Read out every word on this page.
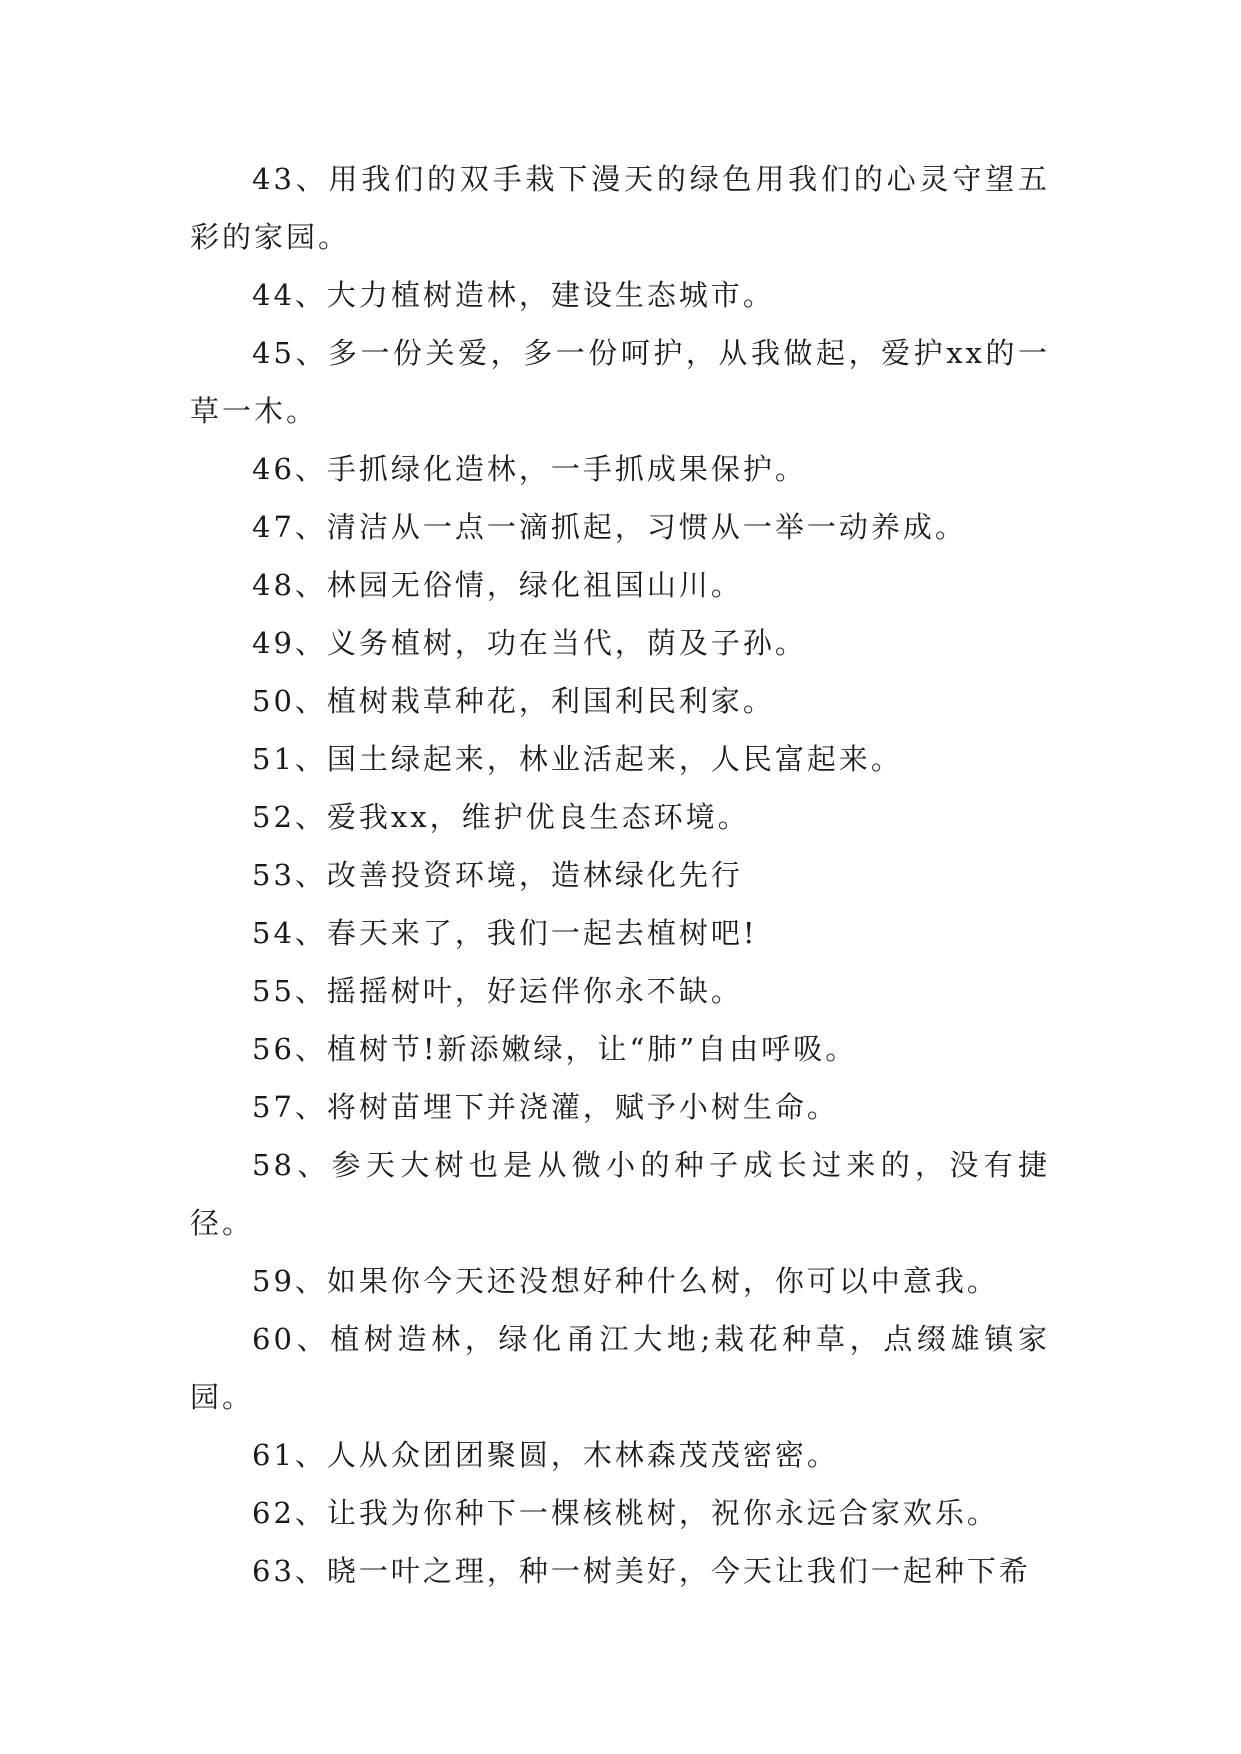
43、用我们的双手栽下漫天的绿色用我们的心灵守望五彩的家园。

44、大力植树造林，建设生态城市。

45、多一份关爱，多一份呵护，从我做起，爱护xx的一草一木。

46、手抓绿化造林，一手抓成果保护。

47、清洁从一点一滴抓起，习惯从一举一动养成。

48、林园无俗情，绿化祖国山川。

49、义务植树，功在当代，荫及子孙。

50、植树栽草种花，利国利民利家。

51、国土绿起来，林业活起来，人民富起来。

52、爱我xx，维护优良生态环境。

53、改善投资环境，造林绿化先行

54、春天来了，我们一起去植树吧!

55、摇摇树叶，好运伴你永不缺。

56、植树节!新添嫩绿，让“肺”自由呼吸。

57、将树苗埋下并浇灌，赋予小树生命。

58、参天大树也是从微小的种子成长过来的，没有捷径。

59、如果你今天还没想好种什么树，你可以中意我。

60、植树造林，绿化甬江大地;栽花种草，点缀雄镇家园。

61、人从众团团聚圆，木林森茂茂密密。

62、让我为你种下一棵核桃树，祝你永远合家欢乐。

63、晓一叶之理，种一树美好，今天让我们一起种下希
